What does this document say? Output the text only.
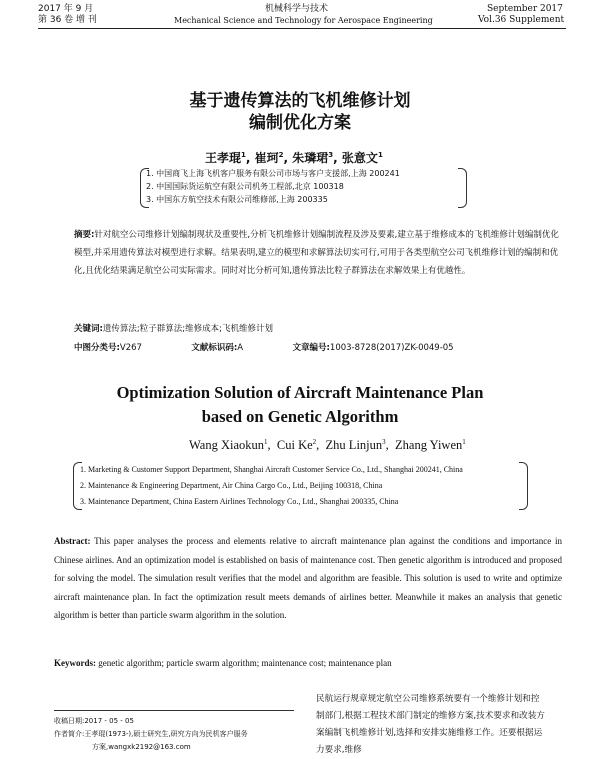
2017 年 9 月
第 36 卷 增 刊
机械科学与技术
Mechanical Science and Technology for Aerospace Engineering
September 2017
Vol.36 Supplement
基于遗传算法的飞机维修计划
编制优化方案
王孝琨$^1$, 崔珂$^2$, 朱璘珺$^3$, 张意文$^1$
1. 中国商飞上海飞机客户服务有限公司市场与客户支援部,上海 200241
2. 中国国际货运航空有限公司机务工程部,北京 100318
3. 中国东方航空技术有限公司维修部,上海 200335
摘要:针对航空公司维修计划编制现状及重要性,分析飞机维修计划编制流程及涉及要素,建立基于维修成本的飞机维修计划编制优化模型,并采用遗传算法对模型进行求解。结果表明,建立的模型和求解算法切实可行,可用于各类型航空公司飞机维修计划的编制和优化,且优化结果满足航空公司实际需求。同时对比分析可知,遗传算法比粒子群算法在求解效果上有优越性。
关键词:遗传算法;粒子群算法;维修成本;飞机维修计划
中图分类号:V267	文献标识码:A	文章编号:1003-8728(2017)ZK-0049-05
Optimization Solution of Aircraft Maintenance Plan
based on Genetic Algorithm
Wang Xiaokun$^1$,  Cui Ke$^2$,  Zhu Linjun$^3$,  Zhang Yiwen$^1$
1. Marketing & Customer Support Department, Shanghai Aircraft Customer Service Co., Ltd., Shanghai 200241, China
2. Maintenance & Engineering Department, Air China Cargo Co., Ltd., Beijing 100318, China
3. Maintenance Department, China Eastern Airlines Technology Co., Ltd., Shanghai 200335, China
Abstract: This paper analyses the process and elements relative to aircraft maintenance plan against the conditions and importance in Chinese airlines. And an optimization model is established on basis of maintenance cost. Then genetic algorithm is introduced and proposed for solving the model. The simulation result verifies that the model and algorithm are feasible. This solution is used to write and optimize aircraft maintenance plan. In fact the optimization result meets demands of airlines better. Meanwhile it makes an analysis that genetic algorithm is better than particle swarm algorithm in the solution.
Keywords: genetic algorithm; particle swarm algorithm; maintenance cost; maintenance plan
收稿日期:2017 - 05 - 05
作者简介:王孝琨(1973-),硕士研究生,研究方向为民机客户服务
方案,wangxk2192@163.com
民航运行规章规定航空公司维修系统要有一个维修计划和控制部门,根据工程技术部门制定的维修方案,技术要求和改装方案编制飞机维修计划,选择和安排实施维修工作。还要根据运力要求,维修
